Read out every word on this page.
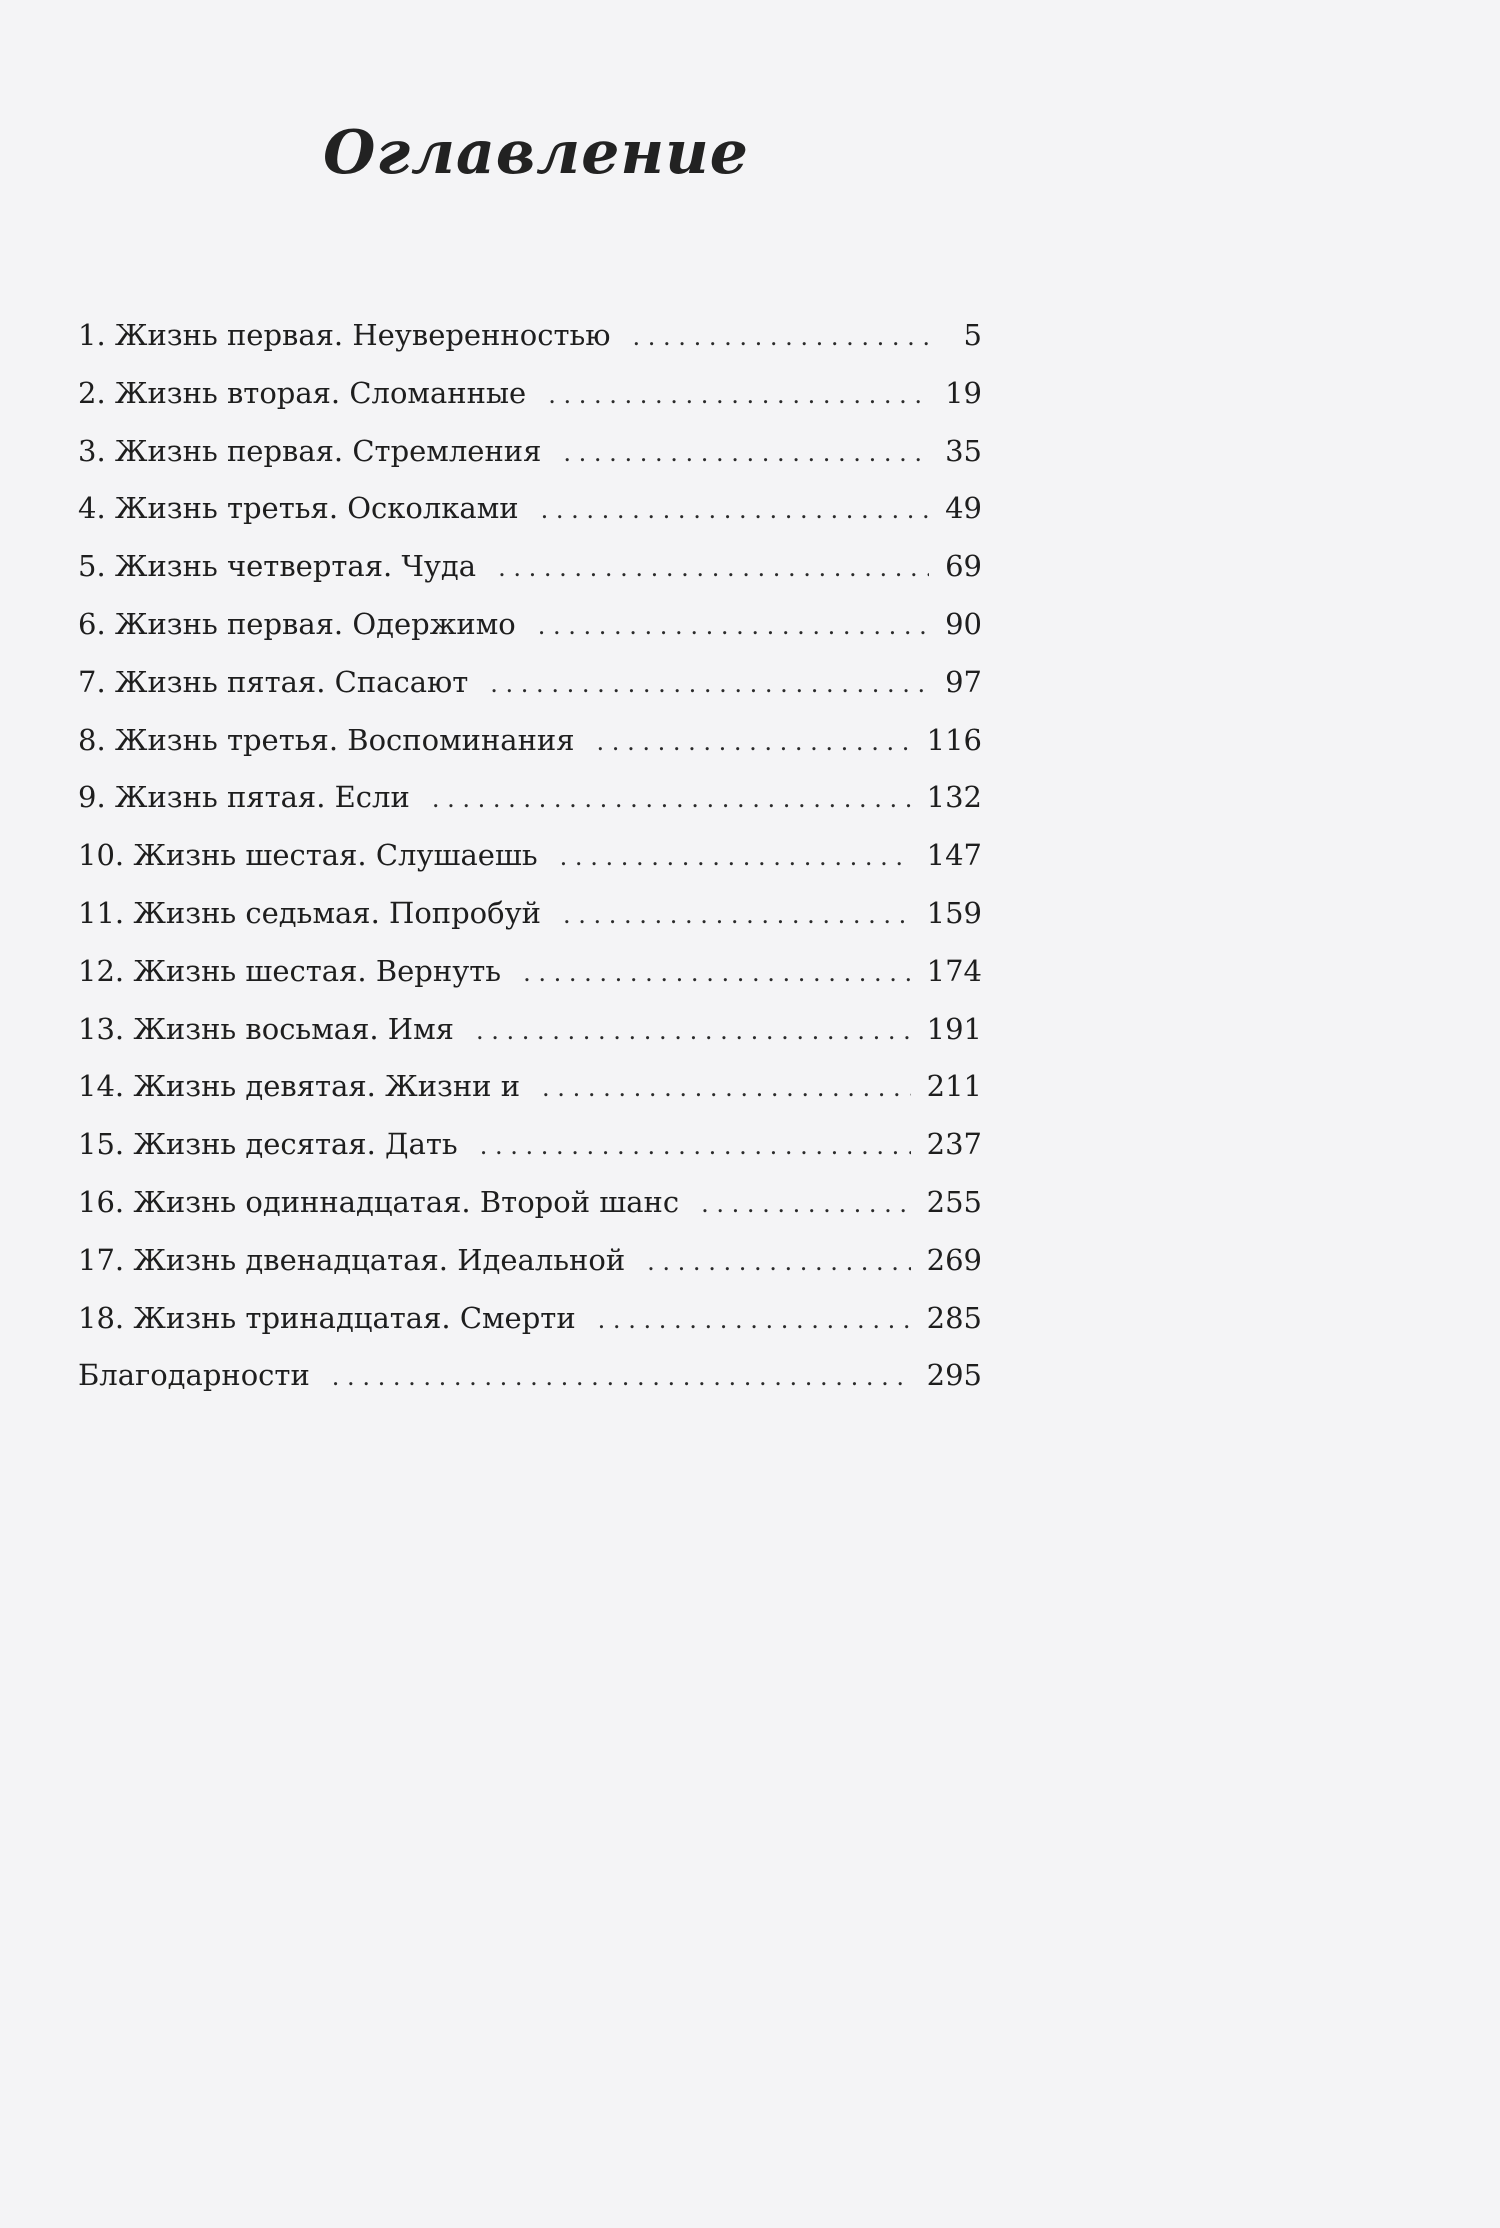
Оглавление
1. Жизнь первая. Неуверенностью . . .	5
2. Жизнь вторая. Сломанные . . .	19
3. Жизнь первая. Стремления . . .	35
4. Жизнь третья. Осколками . . .	49
5. Жизнь четвертая. Чуда . . .	69
6. Жизнь первая. Одержимо . . .	90
7. Жизнь пятая. Спасают . . .	97
8. Жизнь третья. Воспоминания . . .	116
9. Жизнь пятая. Если . . .	132
10. Жизнь шестая. Слушаешь . . .	147
11. Жизнь седьмая. Попробуй . . .	159
12. Жизнь шестая. Вернуть . . .	174
13. Жизнь восьмая. Имя . . .	191
14. Жизнь девятая. Жизни и . . .	211
15. Жизнь десятая. Дать . . .	237
16. Жизнь одиннадцатая. Второй шанс . . .	255
17. Жизнь двенадцатая. Идеальной . . .	269
18. Жизнь тринадцатая. Смерти . . .	285
Благодарности . . .	295
